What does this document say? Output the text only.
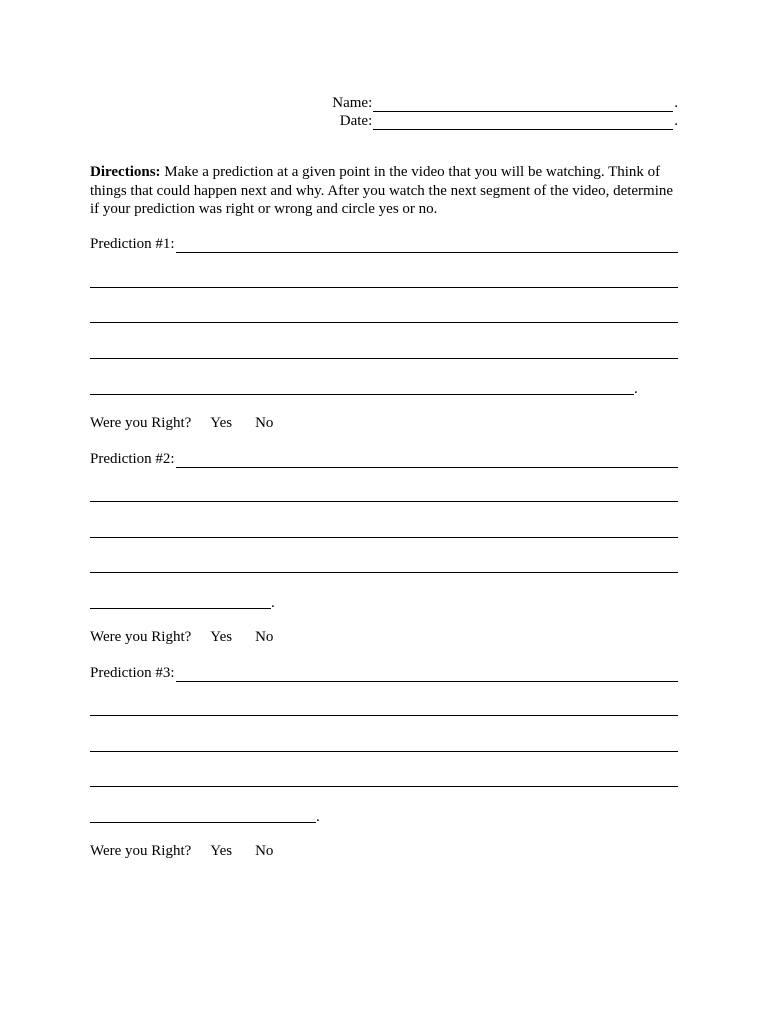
Name:	.
Date:	.
Directions: Make a prediction at a given point in the video that you will be watching. Think of things that could happen next and why. After you watch the next segment of the video, determine if your prediction was right or wrong and circle yes or no.
Prediction #1:
.
Were you Right? Yes No
Prediction #2:
.
Were you Right? Yes No
Prediction #3:
.
Were you Right? Yes No
